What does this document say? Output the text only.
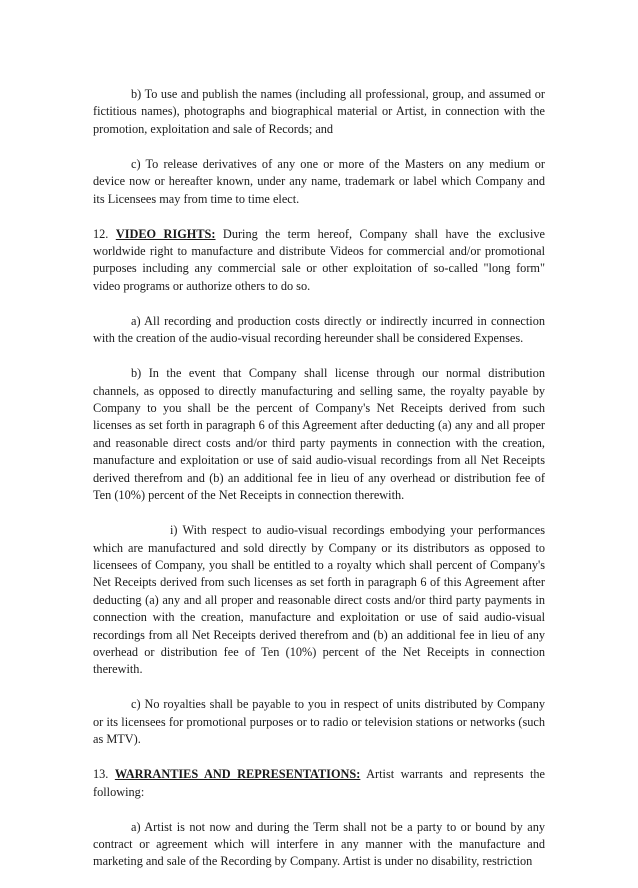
b) To use and publish the names (including all professional, group, and assumed or fictitious names), photographs and biographical material or Artist, in connection with the promotion, exploitation and sale of Records; and

c) To release derivatives of any one or more of the Masters on any medium or device now or hereafter known, under any name, trademark or label which Company and its Licensees may from time to time elect.

12. VIDEO RIGHTS: During the term hereof, Company shall have the exclusive worldwide right to manufacture and distribute Videos for commercial and/or promotional purposes including any commercial sale or other exploitation of so-called "long form" video programs or authorize others to do so.

a) All recording and production costs directly or indirectly incurred in connection with the creation of the audio-visual recording hereunder shall be considered Expenses.

b) In the event that Company shall license through our normal distribution channels, as opposed to directly manufacturing and selling same, the royalty payable by Company to you shall be the percent of Company's Net Receipts derived from such licenses as set forth in paragraph 6 of this Agreement after deducting (a) any and all proper and reasonable direct costs and/or third party payments in connection with the creation, manufacture and exploitation or use of said audio-visual recordings from all Net Receipts derived therefrom and (b) an additional fee in lieu of any overhead or distribution fee of Ten (10%) percent of the Net Receipts in connection therewith.

i) With respect to audio-visual recordings embodying your performances which are manufactured and sold directly by Company or its distributors as opposed to licensees of Company, you shall be entitled to a royalty which shall percent of Company's Net Receipts derived from such licenses as set forth in paragraph 6 of this Agreement after deducting (a) any and all proper and reasonable direct costs and/or third party payments in connection with the creation, manufacture and exploitation or use of said audio-visual recordings from all Net Receipts derived therefrom and (b) an additional fee in lieu of any overhead or distribution fee of Ten (10%) percent of the Net Receipts in connection therewith.

c) No royalties shall be payable to you in respect of units distributed by Company or its licensees for promotional purposes or to radio or television stations or networks (such as MTV).

13. WARRANTIES AND REPRESENTATIONS: Artist warrants and represents the following:

a) Artist is not now and during the Term shall not be a party to or bound by any contract or agreement which will interfere in any manner with the manufacture and marketing and sale of the Recording by Company. Artist is under no disability, restriction
